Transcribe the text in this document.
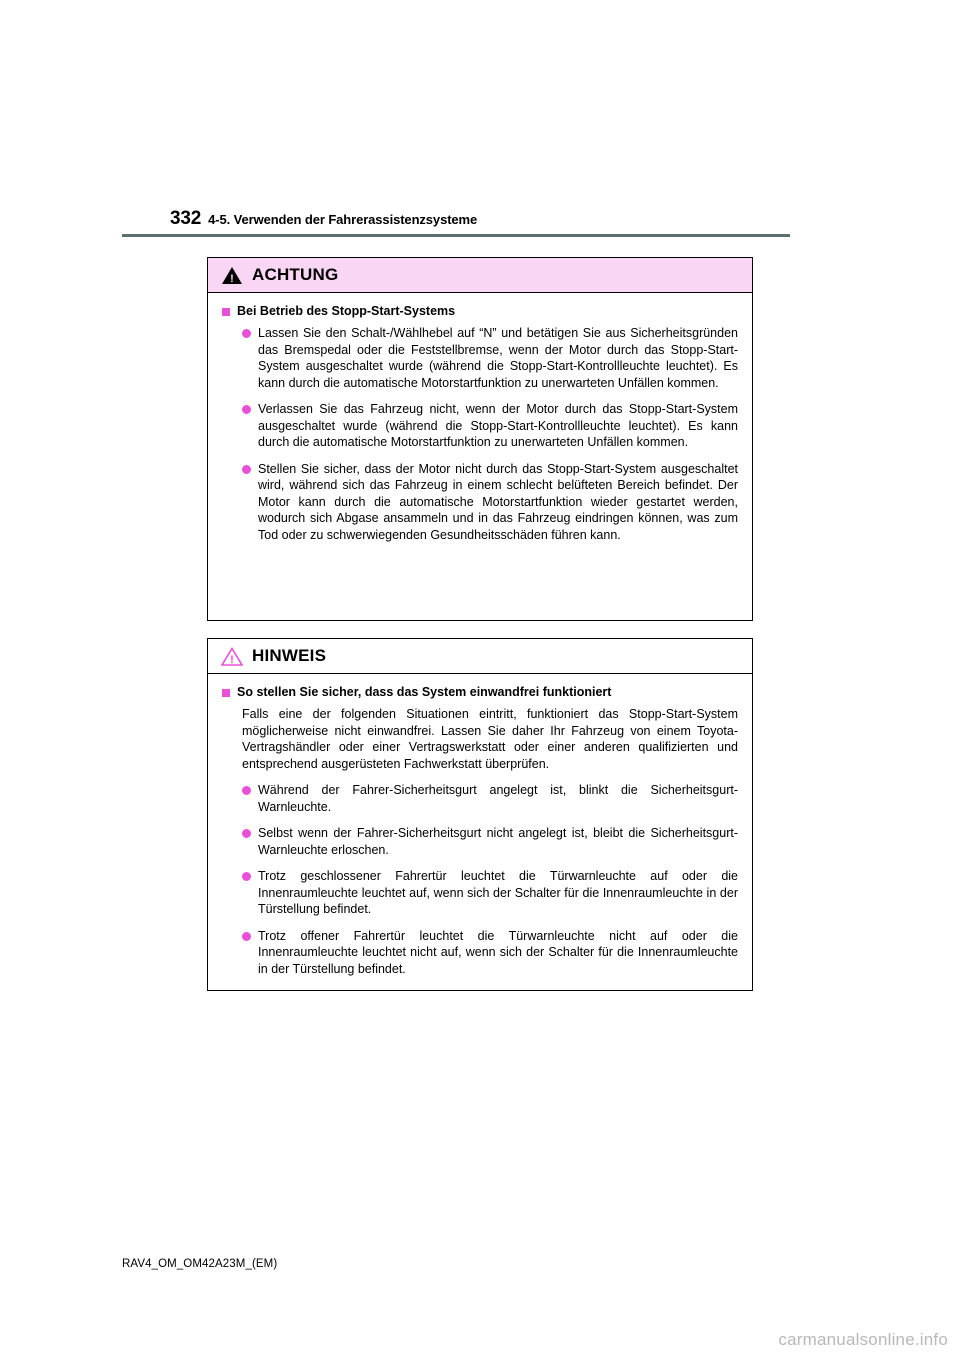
332 4-5. Verwenden der Fahrerassistenzsysteme
! ACHTUNG
Bei Betrieb des Stopp-Start-Systems
Lassen Sie den Schalt-/Wählhebel auf “N” und betätigen Sie aus Sicherheitsgründen das Bremspedal oder die Feststellbremse, wenn der Motor durch das Stopp-Start-System ausgeschaltet wurde (während die Stopp-Start-Kontrollleuchte leuchtet). Es kann durch die automatische Motorstartfunktion zu unerwarteten Unfällen kommen.
Verlassen Sie das Fahrzeug nicht, wenn der Motor durch das Stopp-Start-System ausgeschaltet wurde (während die Stopp-Start-Kontrollleuchte leuchtet). Es kann durch die automatische Motorstartfunktion zu unerwarteten Unfällen kommen.
Stellen Sie sicher, dass der Motor nicht durch das Stopp-Start-System ausgeschaltet wird, während sich das Fahrzeug in einem schlecht belüfteten Bereich befindet. Der Motor kann durch die automatische Motorstartfunktion wieder gestartet werden, wodurch sich Abgase ansammeln und in das Fahrzeug eindringen können, was zum Tod oder zu schwerwiegenden Gesundheitsschäden führen kann.
! HINWEIS
So stellen Sie sicher, dass das System einwandfrei funktioniert
Falls eine der folgenden Situationen eintritt, funktioniert das Stopp-Start-System möglicherweise nicht einwandfrei. Lassen Sie daher Ihr Fahrzeug von einem Toyota-Vertragshändler oder einer Vertragswerkstatt oder einer anderen qualifizierten und entsprechend ausgerüsteten Fachwerkstatt überprüfen.
Während der Fahrer-Sicherheitsgurt angelegt ist, blinkt die Sicherheitsgurt-Warnleuchte.
Selbst wenn der Fahrer-Sicherheitsgurt nicht angelegt ist, bleibt die Sicherheitsgurt-Warnleuchte erloschen.
Trotz geschlossener Fahrertür leuchtet die Türwarnleuchte auf oder die Innenraumleuchte leuchtet auf, wenn sich der Schalter für die Innenraumleuchte in der Türstellung befindet.
Trotz offener Fahrertür leuchtet die Türwarnleuchte nicht auf oder die Innenraumleuchte leuchtet nicht auf, wenn sich der Schalter für die Innenraumleuchte in der Türstellung befindet.
RAV4_OM_OM42A23M_(EM)
carmanualsonline.info
